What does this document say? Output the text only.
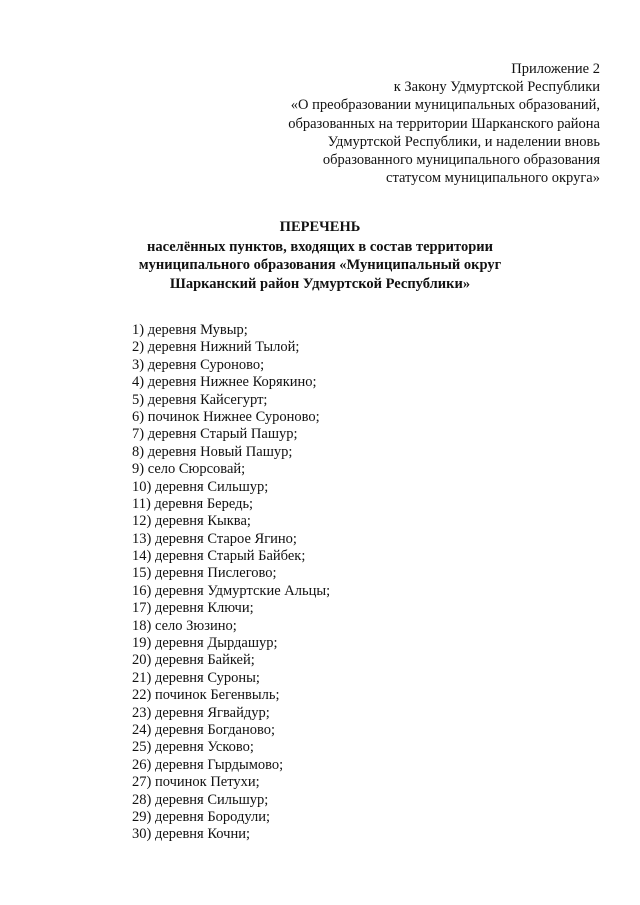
Приложение 2
к Закону Удмуртской Республики
«О преобразовании муниципальных образований,
образованных на территории Шарканского района
Удмуртской Республики, и наделении вновь
образованного муниципального образования
статусом муниципального округа»
ПЕРЕЧЕНЬ
населённых пунктов, входящих в состав территории
муниципального образования «Муниципальный округ
Шарканский район Удмуртской Республики»
1) деревня Мувыр;
2) деревня Нижний Тылой;
3) деревня Суроново;
4) деревня Нижнее Корякино;
5) деревня Кайсегурт;
6) починок Нижнее Суроново;
7) деревня Старый Пашур;
8) деревня Новый Пашур;
9) село Сюрсовай;
10) деревня Сильшур;
11) деревня Бередь;
12) деревня Кыква;
13) деревня Старое Ягино;
14) деревня Старый Байбек;
15) деревня Пислегово;
16) деревня Удмуртские Альцы;
17) деревня Ключи;
18) село Зюзино;
19) деревня Дырдашур;
20) деревня Байкей;
21) деревня Суроны;
22) починок Бегенвыль;
23) деревня Ягвайдур;
24) деревня Богданово;
25) деревня Усково;
26) деревня Гырдымово;
27) починок Петухи;
28) деревня Сильшур;
29) деревня Бородули;
30) деревня Кочни;
